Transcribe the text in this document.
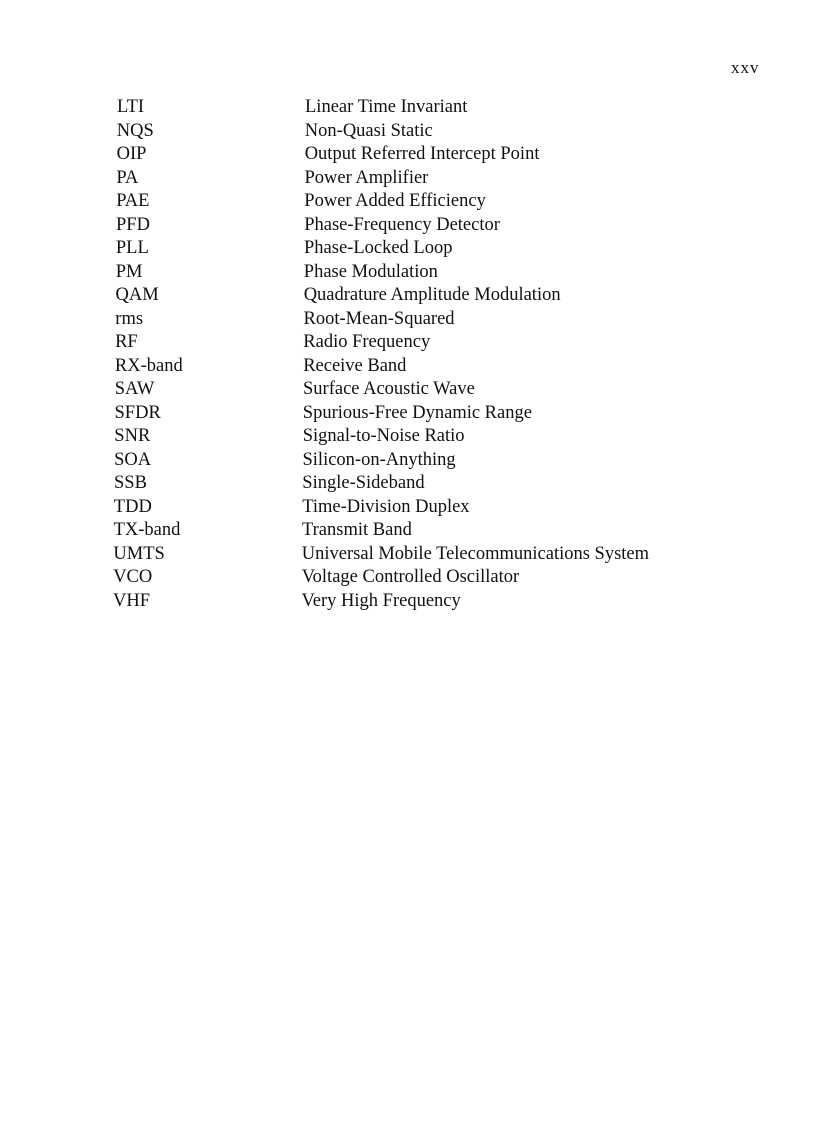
xxv
LTI	Linear Time Invariant
NQS	Non-Quasi Static
OIP	Output Referred Intercept Point
PA	Power Amplifier
PAE	Power Added Efficiency
PFD	Phase-Frequency Detector
PLL	Phase-Locked Loop
PM	Phase Modulation
QAM	Quadrature Amplitude Modulation
rms	Root-Mean-Squared
RF	Radio Frequency
RX-band	Receive Band
SAW	Surface Acoustic Wave
SFDR	Spurious-Free Dynamic Range
SNR	Signal-to-Noise Ratio
SOA	Silicon-on-Anything
SSB	Single-Sideband
TDD	Time-Division Duplex
TX-band	Transmit Band
UMTS	Universal Mobile Telecommunications System
VCO	Voltage Controlled Oscillator
VHF	Very High Frequency
